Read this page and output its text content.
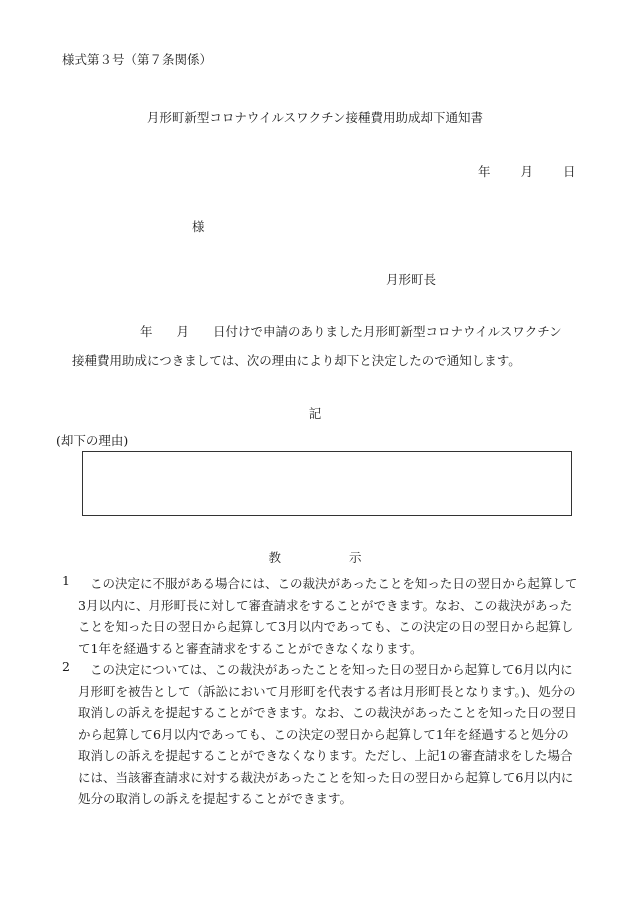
様式第３号（第７条関係）
月形町新型コロナウイルスワクチン接種費用助成却下通知書
年 月 日
様
月形町長
年 月 日付けで申請のありました月形町新型コロナウイルスワクチン
接種費用助成につきましては、次の理由により却下と決定したので通知します。
記
(却下の理由)
教	示
1	この決定に不服がある場合には、この裁決があったことを知った日の翌日から起算して
3月以内に、月形町長に対して審査請求をすることができます。なお、この裁決があった
ことを知った日の翌日から起算して3月以内であっても、この決定の日の翌日から起算し
て1年を経過すると審査請求をすることができなくなります。
2	この決定については、この裁決があったことを知った日の翌日から起算して6月以内に
月形町を被告として（訴訟において月形町を代表する者は月形町長となります。)、処分の
取消しの訴えを提起することができます。なお、この裁決があったことを知った日の翌日
から起算して6月以内であっても、この決定の翌日から起算して1年を経過すると処分の
取消しの訴えを提起することができなくなります。ただし、上記1の審査請求をした場合
には、当該審査請求に対する裁決があったことを知った日の翌日から起算して6月以内に
処分の取消しの訴えを提起することができます。
